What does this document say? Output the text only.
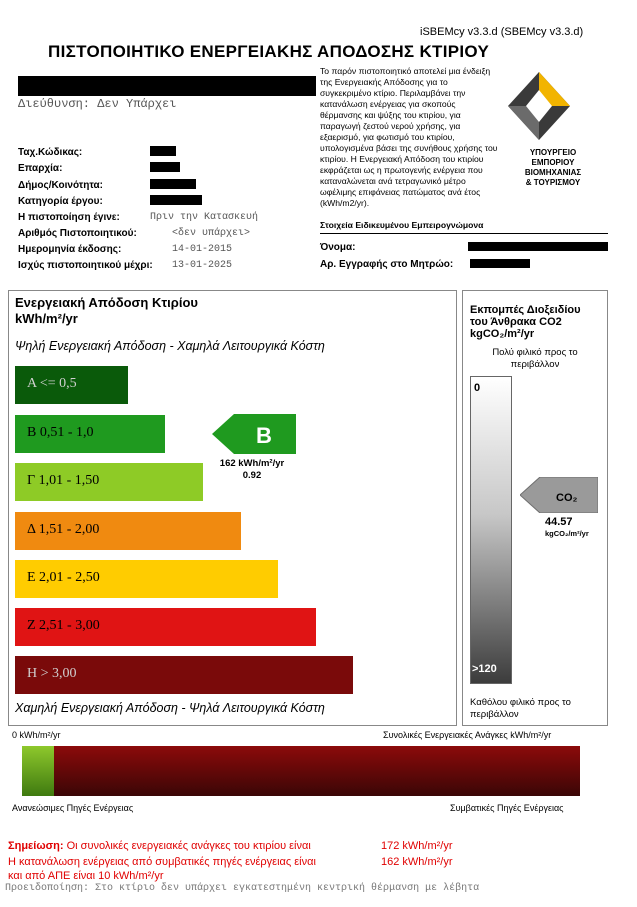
iSBEMcy v3.3.d (SBEMcy v3.3.d)
ΠΙΣΤΟΠΟΙΗΤΙΚΟ ΕΝΕΡΓΕΙΑΚΗΣ ΑΠΟΔΟΣΗΣ ΚΤΙΡΙΟΥ
Διεύθυνση: Δεν Υπάρχει
Ταχ.Κώδικας:
Επαρχία:
Δήμος/Κοινότητα:
Κατηγορία έργου:
Η πιστοποίηση έγινε:	Πριν την Κατασκευή
Αριθμός Πιστοποιητικού:	<δεν υπάρχει>
Ημερομηνία έκδοσης:	14-01-2015
Ισχύς πιστοποιητικού μέχρι: 13-01-2025
Το παρόν πιστοποιητικό αποτελεί μια ένδειξη της Ενεργειακής Απόδοσης για το συγκεκριμένο κτίριο. Περιλαμβάνει την κατανάλωση ενέργειας για σκοπούς θέρμανσης και ψύξης του κτιρίου, για παραγωγή ζεστού νερού χρήσης, για εξαερισμό, για φωτισμό του κτιρίου, υπολογισμένα βάσει της συνήθους χρήσης του κτιρίου. Η Ενεργειακή Απόδοση του κτιρίου εκφράζεται ως η πρωτογενής ενέργεια που καταναλώνεται ανά τετραγωνικό μέτρο ωφέλιμης επιφάνειας πατώματος ανά έτος (kWh/m2/yr).
ΥΠΟΥΡΓΕΙΟ
ΕΜΠΟΡΙΟΥ
ΒΙΟΜΗΧΑΝΙΑΣ
& ΤΟΥΡΙΣΜΟΥ
Στοιχεία Ειδικευμένου Εμπειρογνώμονα
Όνομα:
Αρ. Εγγραφής στο Μητρώο:
Ενεργειακή Απόδοση Κτιρίου
kWh/m²/yr
Ψηλή Ενεργειακή Απόδοση - Χαμηλά Λειτουργικά Κόστη
Α <= 0,5
Β 0,51 - 1,0
Γ 1,01 - 1,50
Δ 1,51 - 2,00
Ε 2,01 - 2,50
Ζ 2,51 - 3,00
Η > 3,00
B
162 kWh/m²/yr
0.92
Χαμηλή Ενεργειακή Απόδοση - Ψηλά Λειτουργικά Κόστη
Εκπομπές Διοξειδίου
του Άνθρακα CO2
kgCO₂/m²/yr
Πολύ φιλικό προς το περιβάλλον
0
>120
CO₂
44.57
kgCO₂/m²/yr
Καθόλου φιλικό προς το περιβάλλον
0 kWh/m²/yr	Συνολικές Ενεργειακές Ανάγκες kWh/m²/yr
Ανανεώσιμες Πηγές Ενέργειας	Συμβατικές Πηγές Ενέργειας
Σημείωση: Οι συνολικές ενεργειακές ανάγκες του κτιρίου είναι	172 kWh/m²/yr
Η κατανάλωση ενέργειας από συμβατικές πηγές ενέργειας είναι	162 kWh/m²/yr
και από ΑΠΕ είναι 10 kWh/m²/yr
Προειδοποίηση: Στο κτίριο δεν υπάρχει εγκατεστημένη κεντρική θέρμανση με λέβητα
